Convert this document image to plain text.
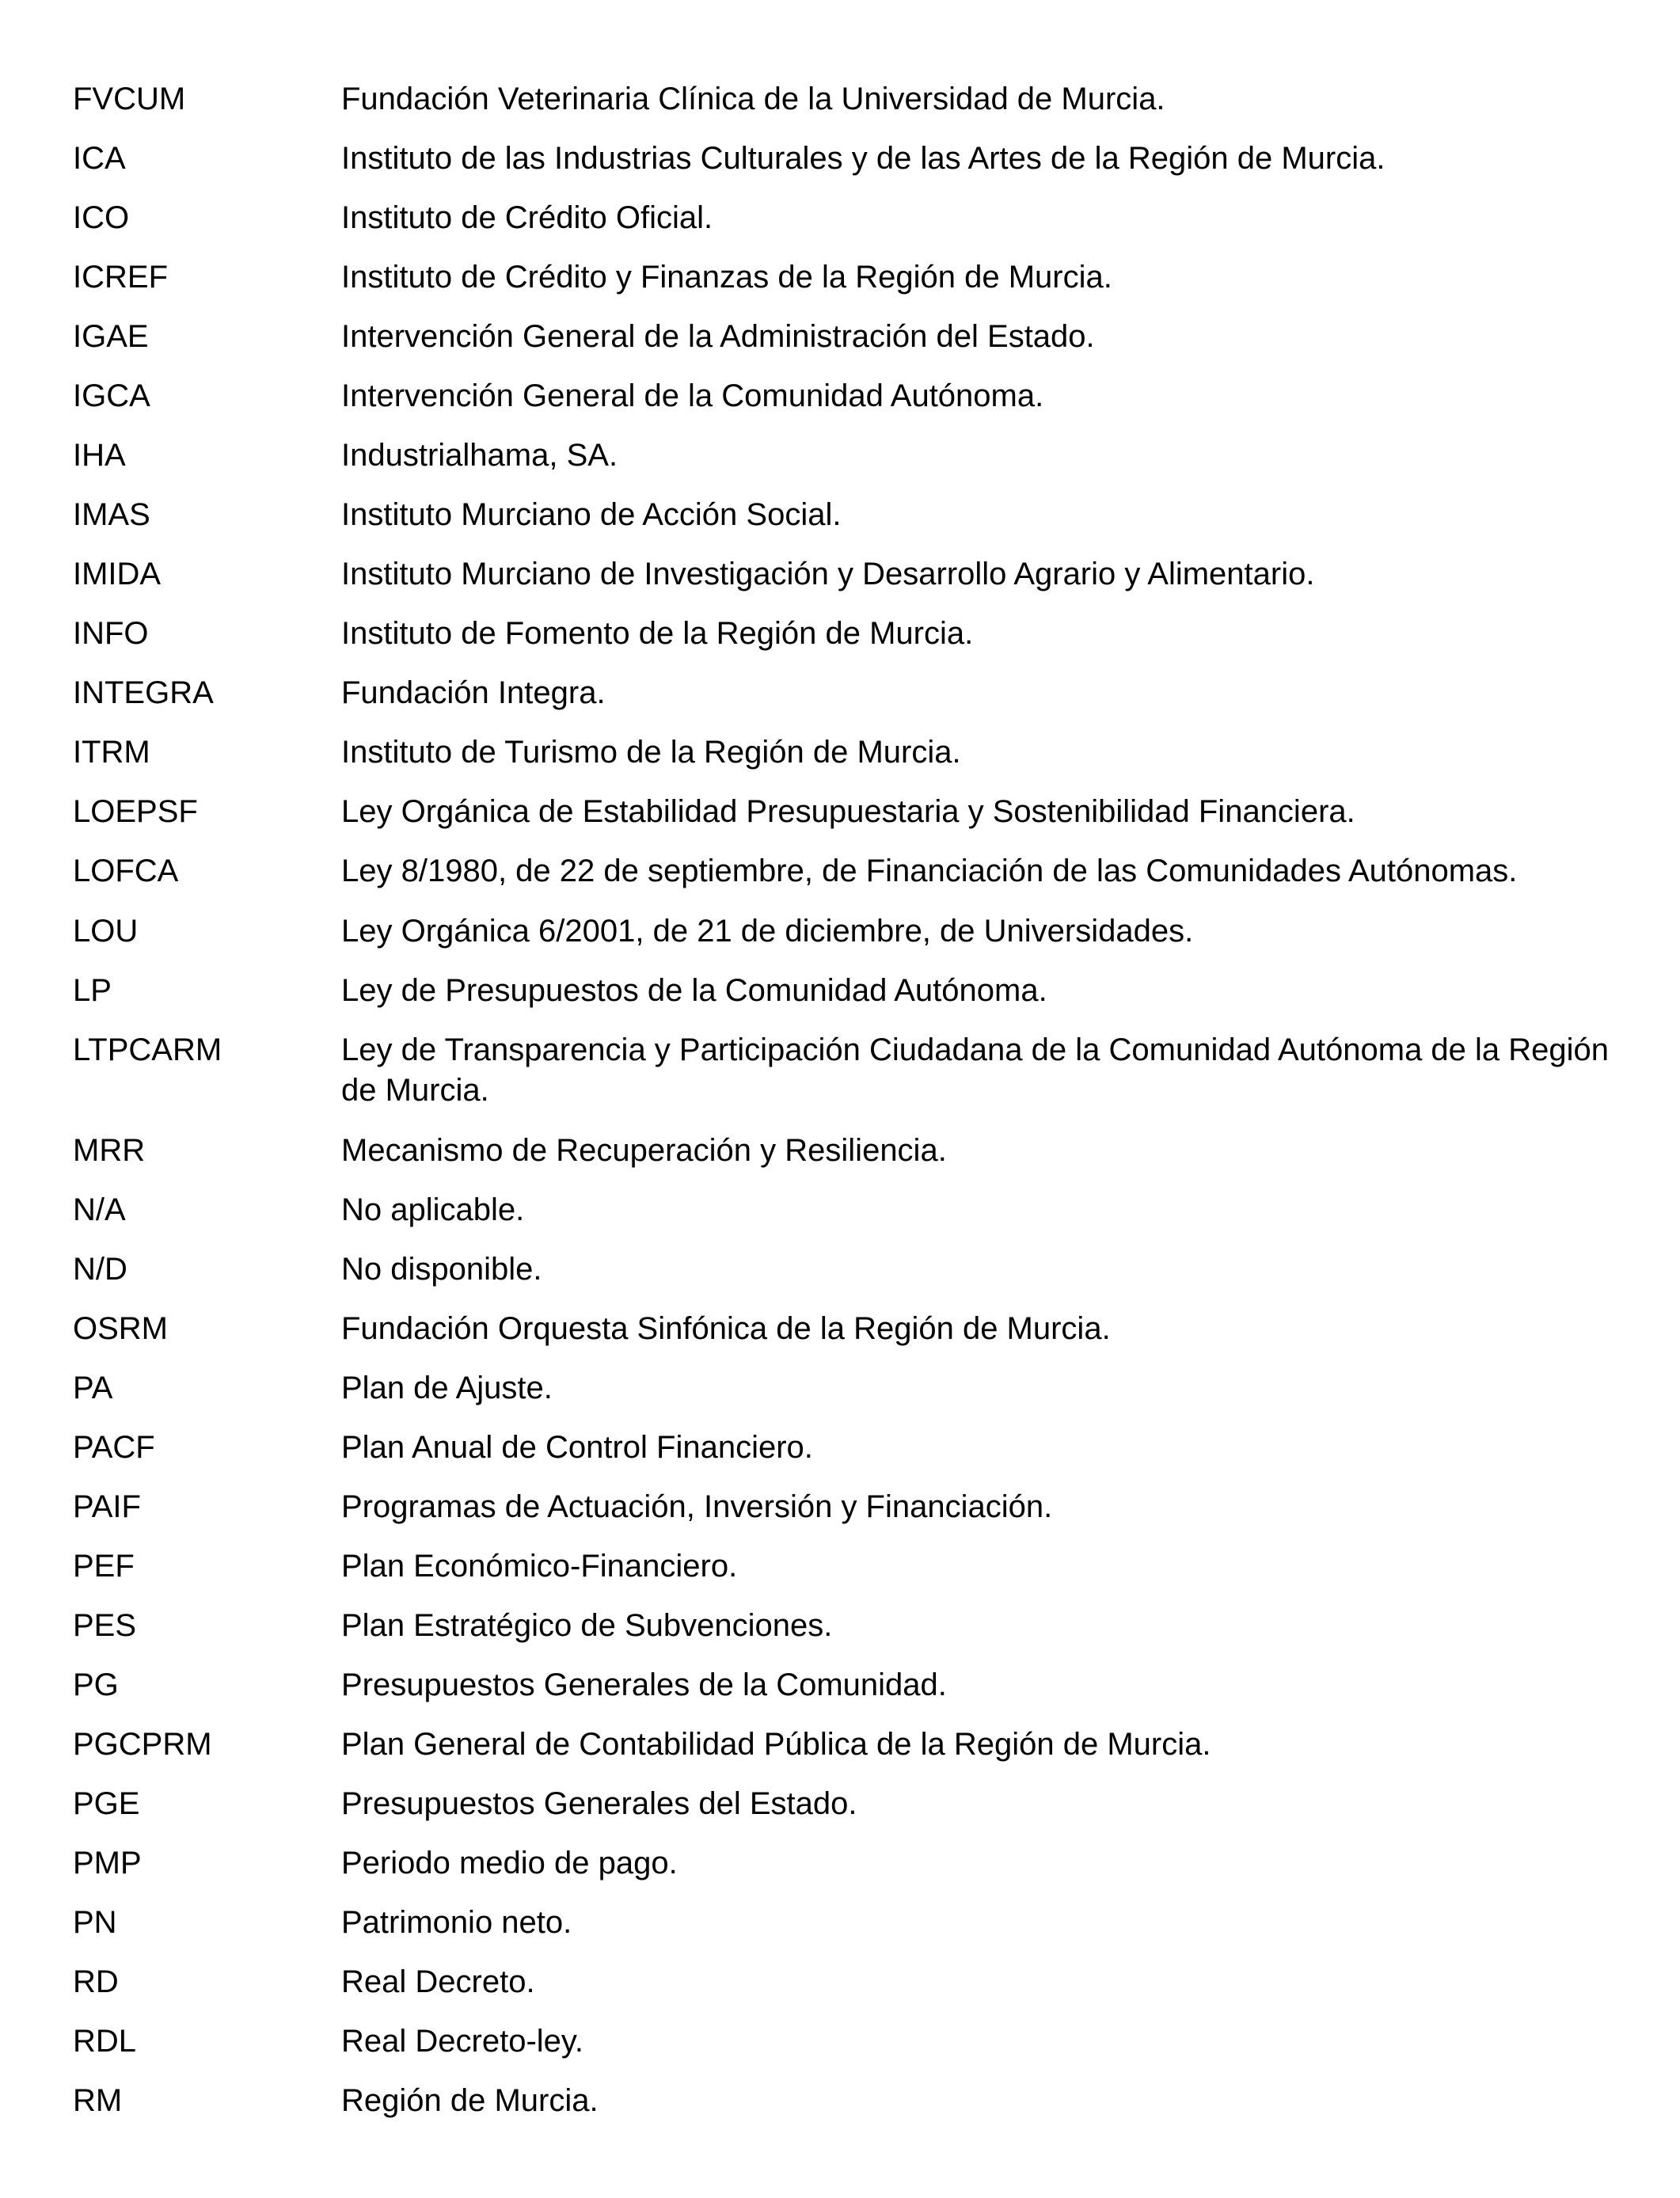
FVCUM	Fundación Veterinaria Clínica de la Universidad de Murcia.
ICA	Instituto de las Industrias Culturales y de las Artes de la Región de Murcia.
ICO	Instituto de Crédito Oficial.
ICREF	Instituto de Crédito y Finanzas de la Región de Murcia.
IGAE	Intervención General de la Administración del Estado.
IGCA	Intervención General de la Comunidad Autónoma.
IHA	Industrialhama, SA.
IMAS	Instituto Murciano de Acción Social.
IMIDA	Instituto Murciano de Investigación y Desarrollo Agrario y Alimentario.
INFO	Instituto de Fomento de la Región de Murcia.
INTEGRA	Fundación Integra.
ITRM	Instituto de Turismo de la Región de Murcia.
LOEPSF	Ley Orgánica de Estabilidad Presupuestaria y Sostenibilidad Financiera.
LOFCA	Ley 8/1980, de 22 de septiembre, de Financiación de las Comunidades Autónomas.
LOU	Ley Orgánica 6/2001, de 21 de diciembre, de Universidades.
LP	Ley de Presupuestos de la Comunidad Autónoma.
LTPCARM	Ley de Transparencia y Participación Ciudadana de la Comunidad Autónoma de la Región de Murcia.
MRR	Mecanismo de Recuperación y Resiliencia.
N/A	No aplicable.
N/D	No disponible.
OSRM	Fundación Orquesta Sinfónica de la Región de Murcia.
PA	Plan de Ajuste.
PACF	Plan Anual de Control Financiero.
PAIF	Programas de Actuación, Inversión y Financiación.
PEF	Plan Económico-Financiero.
PES	Plan Estratégico de Subvenciones.
PG	Presupuestos Generales de la Comunidad.
PGCPRM	Plan General de Contabilidad Pública de la Región de Murcia.
PGE	Presupuestos Generales del Estado.
PMP	Periodo medio de pago.
PN	Patrimonio neto.
RD	Real Decreto.
RDL	Real Decreto-ley.
RM	Región de Murcia.
